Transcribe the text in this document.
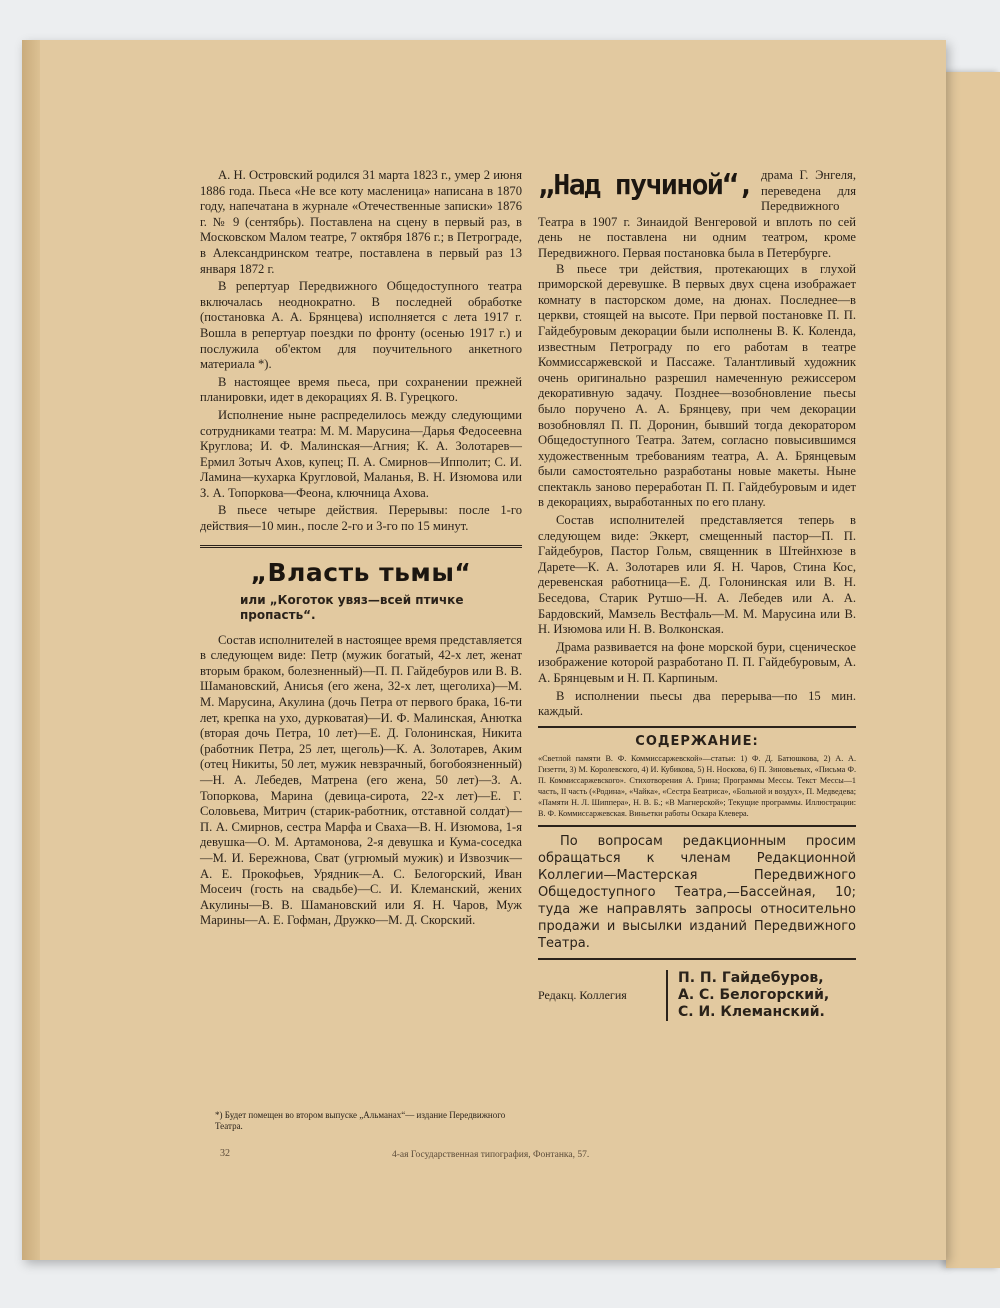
А. Н. Островский родился 31 марта 1823 г., умер 2 июня 1886 года. Пьеса «Не все коту масленица» написана в 1870 году, напечатана в журнале «Отечественные записки» 1876 г. № 9 (сентябрь). Поставлена на сцену в первый раз, в Московском Малом театре, 7 октября 1876 г.; в Петрограде, в Александринском театре, поставлена в первый раз 13 января 1872 г.

В репертуар Передвижного Общедоступного театра включалась неоднократно. В последней обработке (постановка А. А. Брянцева) исполняется с лета 1917 г. Вошла в репертуар поездки по фронту (осенью 1917 г.) и послужила об'ектом для поучительного анкетного материала *).

В настоящее время пьеса, при сохранении прежней планировки, идет в декорациях Я. В. Гурецкого.

Исполнение ныне распределилось между следующими сотрудниками театра: М. М. Марусина—Дарья Федосеевна Круглова; И. Ф. Малинская—Агния; К. А. Золотарев—Ермил Зотыч Ахов, купец; П. А. Смирнов—Ипполит; С. И. Ламина—кухарка Кругловой, Маланья, В. Н. Изюмова или З. А. Топоркова—Феона, ключница Ахова.

В пьесе четыре действия. Перерывы: после 1-го действия—10 мин., после 2-го и 3-го по 15 минут.

„Власть тьмы“
или „Коготок увяз—всей птичке пропасть“.

Состав исполнителей в настоящее время представляется в следующем виде: Петр (мужик богатый, 42-х лет, женат вторым браком, болезненный)—П. П. Гайдебуров или В. В. Шамановский, Анисья (его жена, 32-х лет, щеголиха)—М. М. Марусина, Акулина (дочь Петра от первого брака, 16-ти лет, крепка на ухо, дурковатая)—И. Ф. Малинская, Анютка (вторая дочь Петра, 10 лет)—Е. Д. Голонинская, Никита (работник Петра, 25 лет, щеголь)—К. А. Золотарев, Аким (отец Никиты, 50 лет, мужик невзрачный, богобоязненный)—Н. А. Лебедев, Матрена (его жена, 50 лет)—З. А. Топоркова, Марина (девица-сирота, 22-х лет)—Е. Г. Соловьева, Митрич (старик-работник, отставной солдат)—П. А. Смирнов, сестра Марфа и Сваха—В. Н. Изюмова, 1-я девушка—О. М. Артамонова, 2-я девушка и Кума-соседка—М. И. Бережнова, Сват (угрюмый мужик) и Извозчик—А. Е. Прокофьев, Урядник—А. С. Белогорский, Иван Мосеич (гость на свадьбе)—С. И. Клеманский, жених Акулины—В. В. Шамановский или Я. Н. Чаров, Муж Марины—А. Е. Гофман, Дружко—М. Д. Скорский.

„Над пучиной“, драма Г. Энгеля, переведена для Передвижного Театра в 1907 г. Зинаидой Венгеровой и вплоть по сей день не поставлена ни одним театром, кроме Передвижного. Первая постановка была в Петербурге.

В пьесе три действия, протекающих в глухой приморской деревушке. В первых двух сцена изображает комнату в пасторском доме, на дюнах. Последнее—в церкви, стоящей на высоте. При первой постановке П. П. Гайдебуровым декорации были исполнены В. К. Коленда, известным Петрограду по его работам в театре Коммиссаржевской и Пассаже. Талантливый художник очень оригинально разрешил намеченную режиссером декоративную задачу. Позднее—возобновление пьесы было поручено А. А. Брянцеву, при чем декорации возобновлял П. П. Доронин, бывший тогда декоратором Общедоступного Театра. Затем, согласно повысившимся художественным требованиям театра, А. А. Брянцевым были самостоятельно разработаны новые макеты. Ныне спектакль заново переработан П. П. Гайдебуровым и идет в декорациях, выработанных по его плану.

Состав исполнителей представляется теперь в следующем виде: Эккерт, смещенный пастор—П. П. Гайдебуров, Пастор Гольм, священник в Штейнхюзе в Дарете—К. А. Золотарев или Я. Н. Чаров, Стина Кос, деревенская работница—Е. Д. Голонинская или В. Н. Беседова, Старик Рутшо—Н. А. Лебедев или А. А. Бардовский, Мамзель Вестфаль—М. М. Марусина или В. Н. Изюмова или Н. В. Волконская.

Драма развивается на фоне морской бури, сценическое изображение которой разработано П. П. Гайдебуровым, А. А. Брянцевым и Н. П. Карпиным.

В исполнении пьесы два перерыва—по 15 мин. каждый.

СОДЕРЖАНИЕ:
«Светлой памяти В. Ф. Коммиссаржевской»—статьи: 1) Ф. Д. Батюшкова, 2) А. А. Гизетти, 3) М. Королевского, 4) И. Кубикова, 5) Н. Носкова, 6) П. Зиновьевых, «Письма Ф. П. Коммиссаржевского». Стихотворения А. Грина; Программы Мессы. Текст Мессы—1 часть, II часть («Родина», «Чайка», «Сестра Беатриса», «Больной и воздух», П. Медведева; «Памяти Н. Л. Шиппера», Н. В. Б.; «В Магнерской»; Текущие программы. Иллюстрации: В. Ф. Коммиссаржевская. Виньетки работы Оскара Клевера.
По вопросам редакционным просим обращаться к членам Редакционной Коллегии—Мастерская Передвижного Общедоступного Театра,—Бассейная, 10; туда же направлять запросы относительно продажи и высылки изданий Передвижного Театра.
Редакц. Коллегия
П. П. Гайдебуров,
А. С. Белогорский,
С. И. Клеманский.
*) Будет помещен во втором выпуске „Альманах“— издание Передвижного Театра.
32	4-ая Государственная типография, Фонтанка, 57.
